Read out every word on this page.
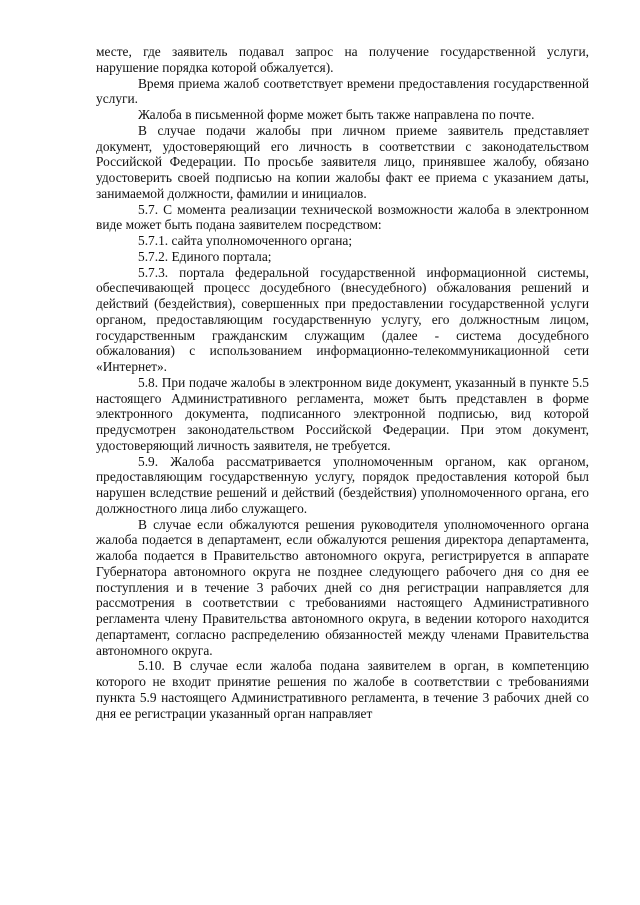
месте, где заявитель подавал запрос на получение государственной услуги, нарушение порядка которой обжалуется).

Время приема жалоб соответствует времени предоставления государственной услуги.

Жалоба в письменной форме может быть также направлена по почте.

В случае подачи жалобы при личном приеме заявитель представляет документ, удостоверяющий его личность в соответствии с законодательством Российской Федерации. По просьбе заявителя лицо, принявшее жалобу, обязано удостоверить своей подписью на копии жалобы факт ее приема с указанием даты, занимаемой должности, фамилии и инициалов.

5.7. С момента реализации технической возможности жалоба в электронном виде может быть подана заявителем посредством:

5.7.1. сайта уполномоченного органа;

5.7.2. Единого портала;

5.7.3. портала федеральной государственной информационной системы, обеспечивающей процесс досудебного (внесудебного) обжалования решений и действий (бездействия), совершенных при предоставлении государственной услуги органом, предоставляющим государственную услугу, его должностным лицом, государственным гражданским служащим (далее - система досудебного обжалования) с использованием информационно-телекоммуникационной сети «Интернет».

5.8. При подаче жалобы в электронном виде документ, указанный в пункте 5.5 настоящего Административного регламента, может быть представлен в форме электронного документа, подписанного электронной подписью, вид которой предусмотрен законодательством Российской Федерации. При этом документ, удостоверяющий личность заявителя, не требуется.

5.9. Жалоба рассматривается уполномоченным органом, как органом, предоставляющим государственную услугу, порядок предоставления которой был нарушен вследствие решений и действий (бездействия) уполномоченного органа, его должностного лица либо служащего.

В случае если обжалуются решения руководителя уполномоченного органа жалоба подается в департамент, если обжалуются решения директора департамента, жалоба подается в Правительство автономного округа, регистрируется в аппарате Губернатора автономного округа не позднее следующего рабочего дня со дня ее поступления и в течение 3 рабочих дней со дня регистрации направляется для рассмотрения в соответствии с требованиями настоящего Административного регламента члену Правительства автономного округа, в ведении которого находится департамент, согласно распределению обязанностей между членами Правительства автономного округа.

5.10. В случае если жалоба подана заявителем в орган, в компетенцию которого не входит принятие решения по жалобе в соответствии с требованиями пункта 5.9 настоящего Административного регламента, в течение 3 рабочих дней со дня ее регистрации указанный орган направляет
